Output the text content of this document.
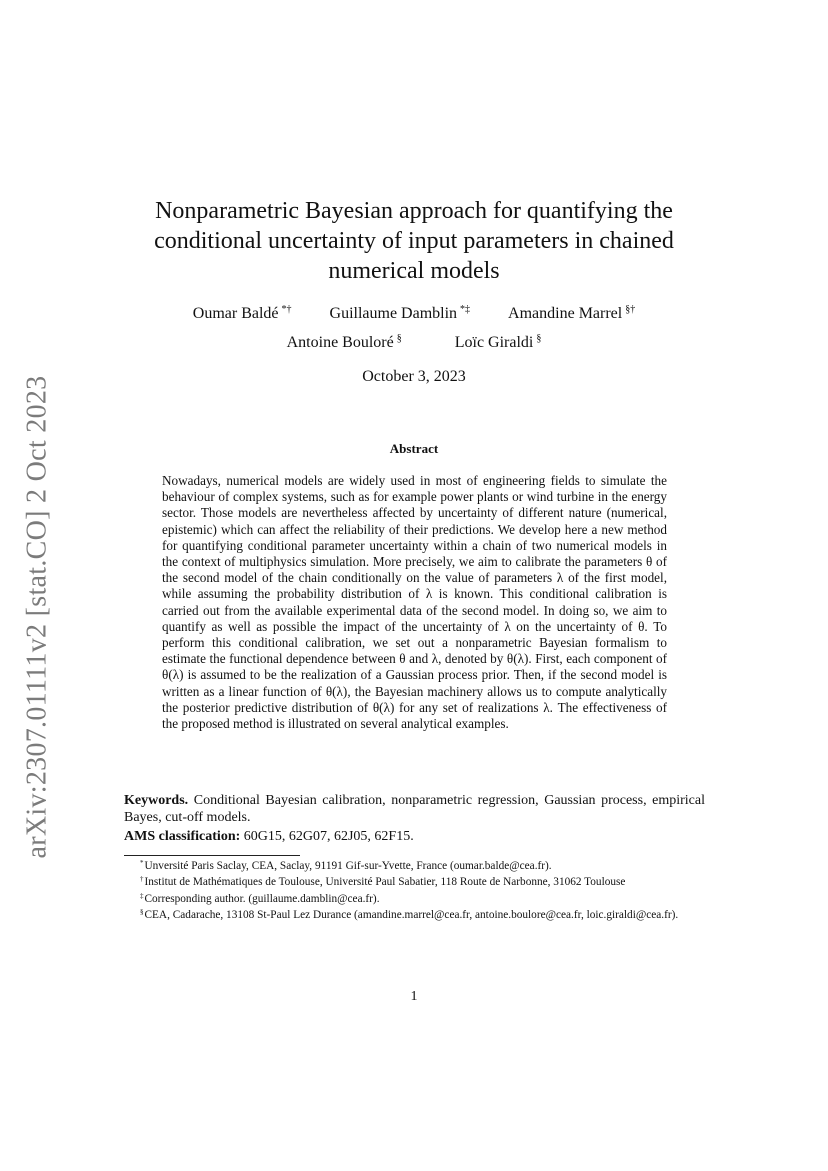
arXiv:2307.01111v2 [stat.CO] 2 Oct 2023
Nonparametric Bayesian approach for quantifying the conditional uncertainty of input parameters in chained numerical models
Oumar Baldé *† Guillaume Damblin *‡ Amandine Marrel §†
Antoine Bouloré §	Loïc Giraldi §
October 3, 2023
Abstract

Nowadays, numerical models are widely used in most of engineering fields to simulate the behaviour of complex systems, such as for example power plants or wind turbine in the energy sector. Those models are nevertheless affected by uncertainty of different nature (numerical, epistemic) which can affect the reliability of their predictions. We develop here a new method for quantifying conditional parameter uncertainty within a chain of two numerical models in the context of multiphysics simulation. More precisely, we aim to calibrate the parameters θ of the second model of the chain conditionally on the value of parameters λ of the first model, while assuming the probability distribution of λ is known. This conditional calibration is carried out from the available experimental data of the second model. In doing so, we aim to quantify as well as possible the impact of the uncertainty of λ on the uncertainty of θ. To perform this conditional calibration, we set out a nonparametric Bayesian formalism to estimate the functional dependence between θ and λ, denoted by θ(λ). First, each component of θ(λ) is assumed to be the realization of a Gaussian process prior. Then, if the second model is written as a linear function of θ(λ), the Bayesian machinery allows us to compute analytically the posterior predictive distribution of θ(λ) for any set of realizations λ. The effectiveness of the proposed method is illustrated on several analytical examples.

Keywords. Conditional Bayesian calibration, nonparametric regression, Gaussian process, empirical Bayes, cut-off models.

AMS classification: 60G15, 62G07, 62J05, 62F15.

*Unversité Paris Saclay, CEA, Saclay, 91191 Gif-sur-Yvette, France (oumar.balde@cea.fr).

†Institut de Mathématiques de Toulouse, Université Paul Sabatier, 118 Route de Narbonne, 31062 Toulouse

‡Corresponding author. (guillaume.damblin@cea.fr).

§CEA, Cadarache, 13108 St-Paul Lez Durance (amandine.marrel@cea.fr, antoine.boulore@cea.fr, loic.giraldi@cea.fr).

1
